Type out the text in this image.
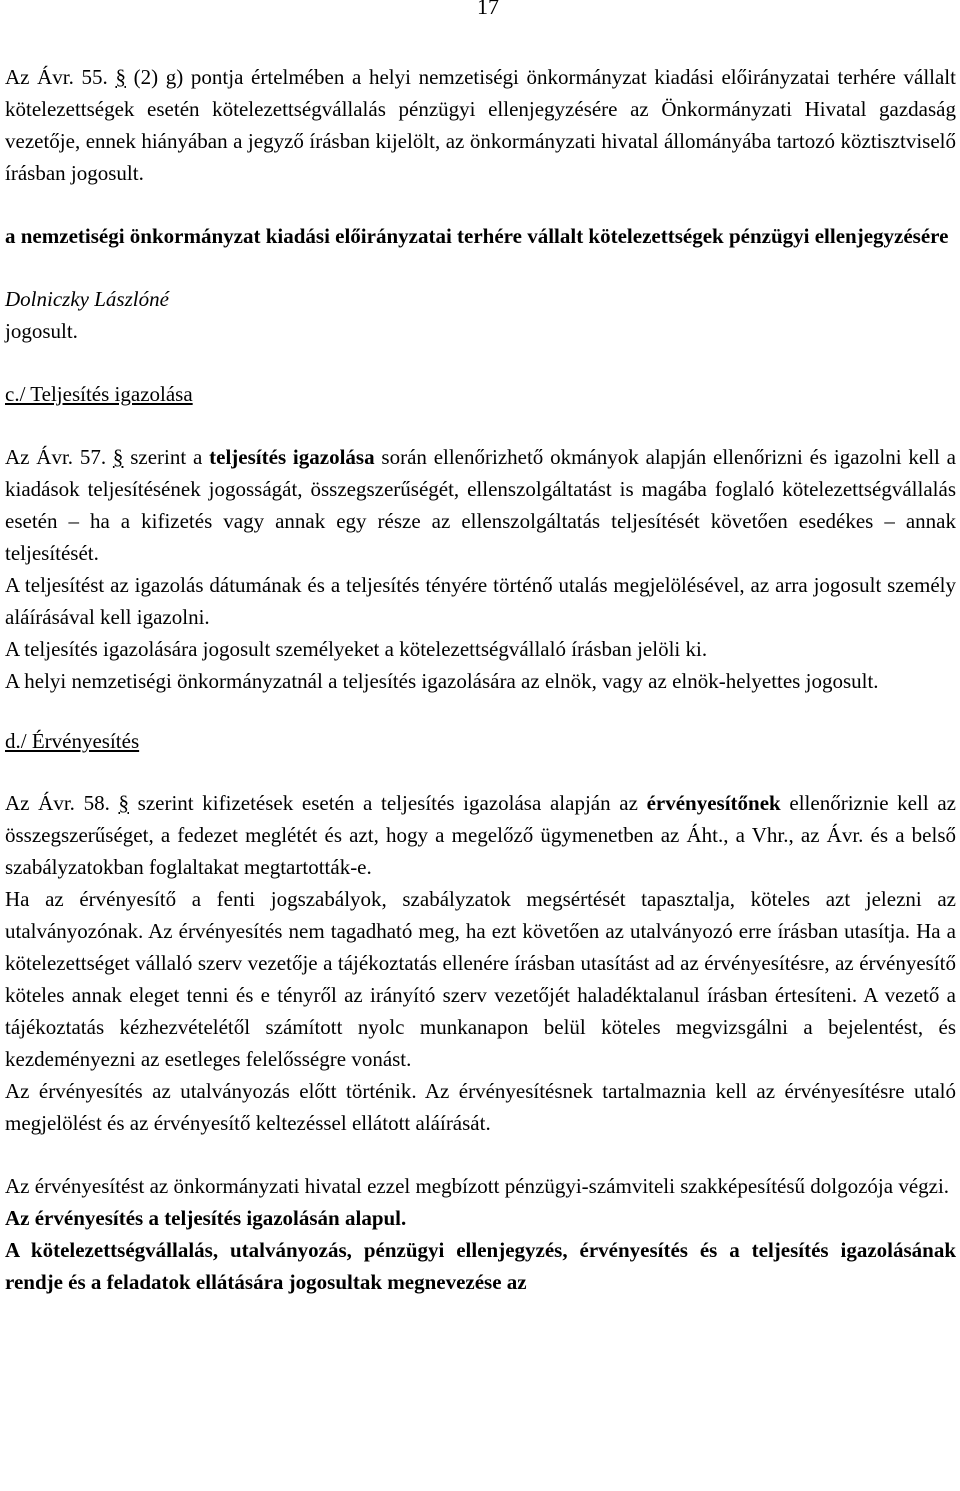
17

Az Ávr. 55. § (2) g) pontja értelmében a helyi nemzetiségi önkormányzat kiadási előirányzatai terhére vállalt kötelezettségek esetén kötelezettségvállalás pénzügyi ellenjegyzésére az Önkormányzati Hivatal gazdaság vezetője, ennek hiányában a jegyző írásban kijelölt, az önkormányzati hivatal állományába tartozó köztisztviselő írásban jogosult.

a nemzetiségi önkormányzat kiadási előirányzatai terhére vállalt kötelezettségek pénzügyi ellenjegyzésére

Dolniczky Lászlóné

jogosult.

c./ Teljesítés igazolása

Az Ávr. 57. § szerint a teljesítés igazolása során ellenőrizhető okmányok alapján ellenőrizni és igazolni kell a kiadások teljesítésének jogosságát, összegszerűségét, ellenszolgáltatást is magába foglaló kötelezettségvállalás esetén – ha a kifizetés vagy annak egy része az ellenszolgáltatás teljesítését követően esedékes – annak teljesítését.

A teljesítést az igazolás dátumának és a teljesítés tényére történő utalás megjelölésével, az arra jogosult személy aláírásával kell igazolni.

A teljesítés igazolására jogosult személyeket a kötelezettségvállaló írásban jelöli ki.

A helyi nemzetiségi önkormányzatnál a teljesítés igazolására az elnök, vagy az elnök-helyettes jogosult.

d./ Érvényesítés

Az Ávr. 58. § szerint kifizetések esetén a teljesítés igazolása alapján az érvényesítőnek ellenőriznie kell az összegszerűséget, a fedezet meglétét és azt, hogy a megelőző ügymenetben az Áht., a Vhr., az Ávr. és a belső szabályzatokban foglaltakat megtartották-e.

Ha az érvényesítő a fenti jogszabályok, szabályzatok megsértését tapasztalja, köteles azt jelezni az utalványozónak. Az érvényesítés nem tagadható meg, ha ezt követően az utalványozó erre írásban utasítja. Ha a kötelezettséget vállaló szerv vezetője a tájékoztatás ellenére írásban utasítást ad az érvényesítésre, az érvényesítő köteles annak eleget tenni és e tényről az irányító szerv vezetőjét haladéktalanul írásban értesíteni. A vezető a tájékoztatás kézhezvételétől számított nyolc munkanapon belül köteles megvizsgálni a bejelentést, és kezdeményezni az esetleges felelősségre vonást.

Az érvényesítés az utalványozás előtt történik. Az érvényesítésnek tartalmaznia kell az érvényesítésre utaló megjelölést és az érvényesítő keltezéssel ellátott aláírását.

Az érvényesítést az önkormányzati hivatal ezzel megbízott pénzügyi-számviteli szakképesítésű dolgozója végzi.

Az érvényesítés a teljesítés igazolásán alapul.

A kötelezettségvállalás, utalványozás, pénzügyi ellenjegyzés, érvényesítés és a teljesítés igazolásának rendje és a feladatok ellátására jogosultak megnevezése az
